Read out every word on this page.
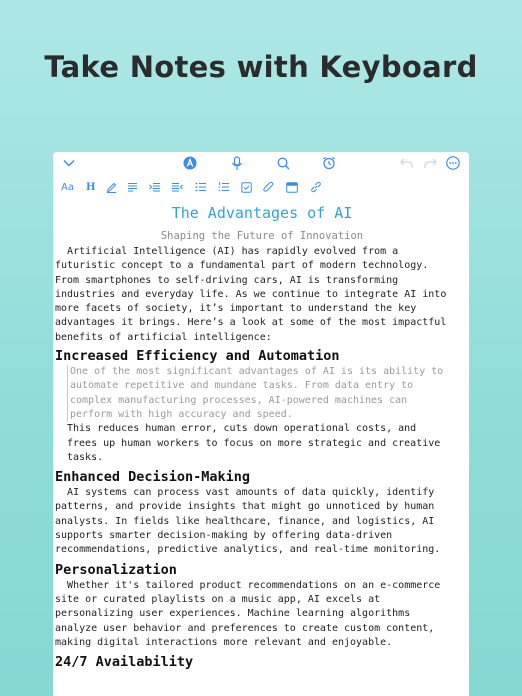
Take Notes with Keyboard
Aa H
The Advantages of AI
Shaping the Future of Innovation

Artificial Intelligence (AI) has rapidly evolved from a
futuristic concept to a fundamental part of modern technology.
From smartphones to self-driving cars, AI is transforming
industries and everyday life. As we continue to integrate AI into
more facets of society, it’s important to understand the key
advantages it brings. Here’s a look at some of the most impactful
benefits of artificial intelligence:

Increased Efficiency and Automation
One of the most significant advantages of AI is its ability to
automate repetitive and mundane tasks. From data entry to
complex manufacturing processes, AI-powered machines can
perform with high accuracy and speed.
This reduces human error, cuts down operational costs, and
frees up human workers to focus on more strategic and creative
tasks.
Enhanced Decision-Making

AI systems can process vast amounts of data quickly, identify
patterns, and provide insights that might go unnoticed by human
analysts. In fields like healthcare, finance, and logistics, AI
supports smarter decision-making by offering data-driven
recommendations, predictive analytics, and real-time monitoring.

Personalization

Whether it's tailored product recommendations on an e-commerce
site or curated playlists on a music app, AI excels at
personalizing user experiences. Machine learning algorithms
analyze user behavior and preferences to create custom content,
making digital interactions more relevant and enjoyable.

24/7 Availability
